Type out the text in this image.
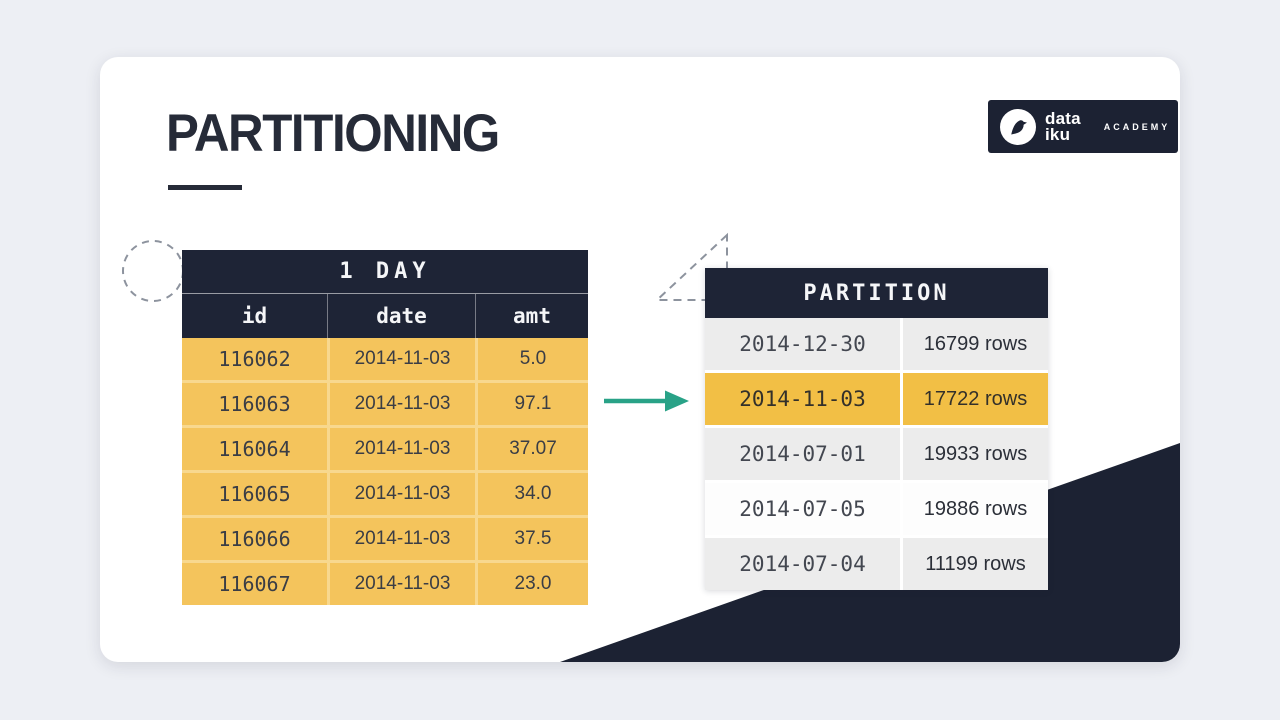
PARTITIONING	data
iku	ACADEMY
1 DAY
id	date	amt
116062	2014-11-03	5.0
116063	2014-11-03	97.1
116064	2014-11-03	37.07
116065	2014-11-03	34.0
116066	2014-11-03	37.5
116067	2014-11-03	23.0
PARTITION
2014-12-30	16799 rows
2014-11-03	17722 rows
2014-07-01	19933 rows
2014-07-05	19886 rows
2014-07-04	11199 rows
